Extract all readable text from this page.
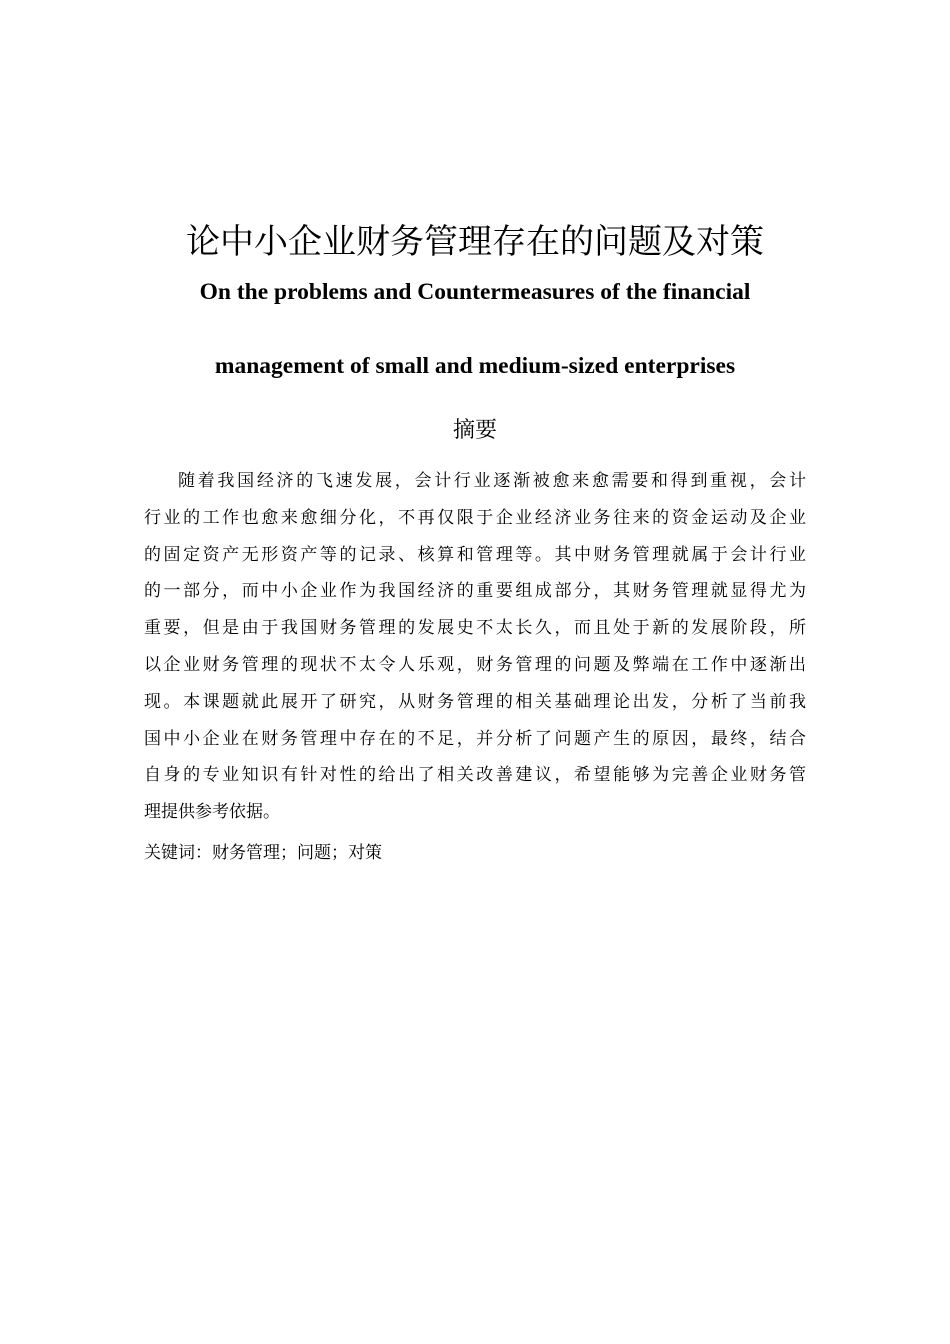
论中小企业财务管理存在的问题及对策
On the problems and Countermeasures of the financial
management of small and medium-sized enterprises
摘要
随着我国经济的飞速发展，会计行业逐渐被愈来愈需要和得到重视，会计
行业的工作也愈来愈细分化，不再仅限于企业经济业务往来的资金运动及企业
的固定资产无形资产等的记录、核算和管理等。其中财务管理就属于会计行业
的一部分，而中小企业作为我国经济的重要组成部分，其财务管理就显得尤为
重要，但是由于我国财务管理的发展史不太长久，而且处于新的发展阶段，所
以企业财务管理的现状不太令人乐观，财务管理的问题及弊端在工作中逐渐出
现。本课题就此展开了研究，从财务管理的相关基础理论出发，分析了当前我
国中小企业在财务管理中存在的不足，并分析了问题产生的原因，最终，结合
自身的专业知识有针对性的给出了相关改善建议，希望能够为完善企业财务管
理提供参考依据。
关键词：财务管理；问题；对策
